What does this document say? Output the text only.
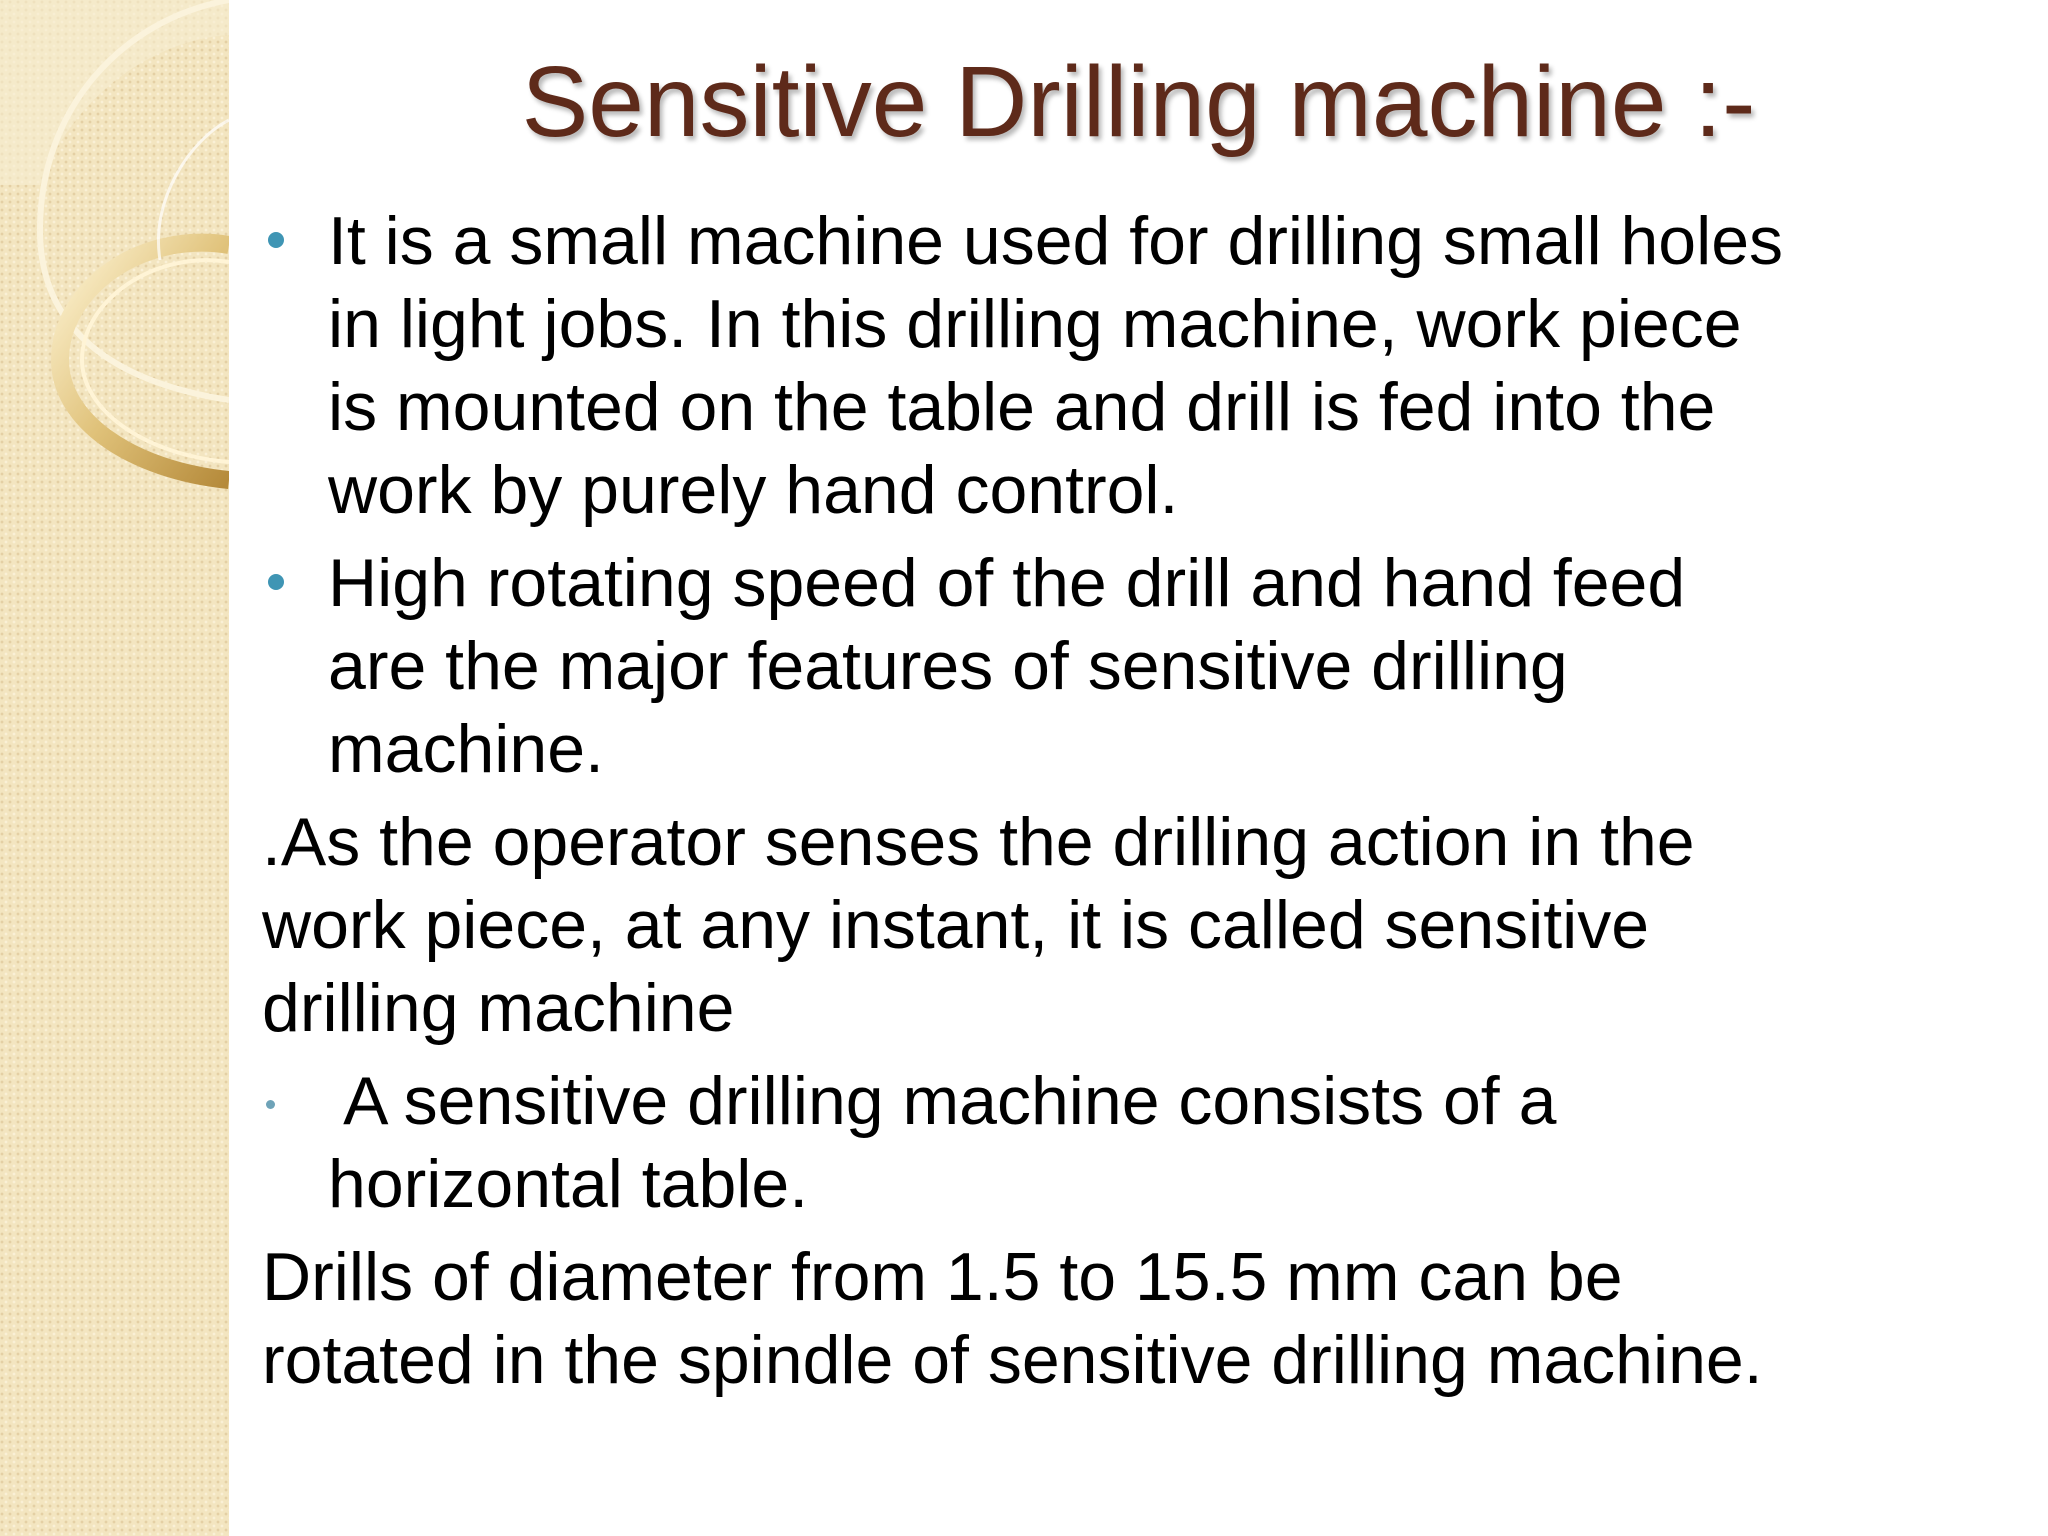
Sensitive Drilling machine :-
It is a small machine used for drilling small holes
in light jobs. In this drilling machine, work piece
is mounted on the table and drill is fed into the
work by purely hand control.
High rotating speed of the drill and hand feed
are the major features of sensitive drilling
machine.
.As the operator senses the drilling action in the
work piece, at any instant, it is called sensitive
drilling machine
A sensitive drilling machine consists of a
horizontal table.
Drills of diameter from 1.5 to 15.5 mm can be
rotated in the spindle of sensitive drilling machine.
